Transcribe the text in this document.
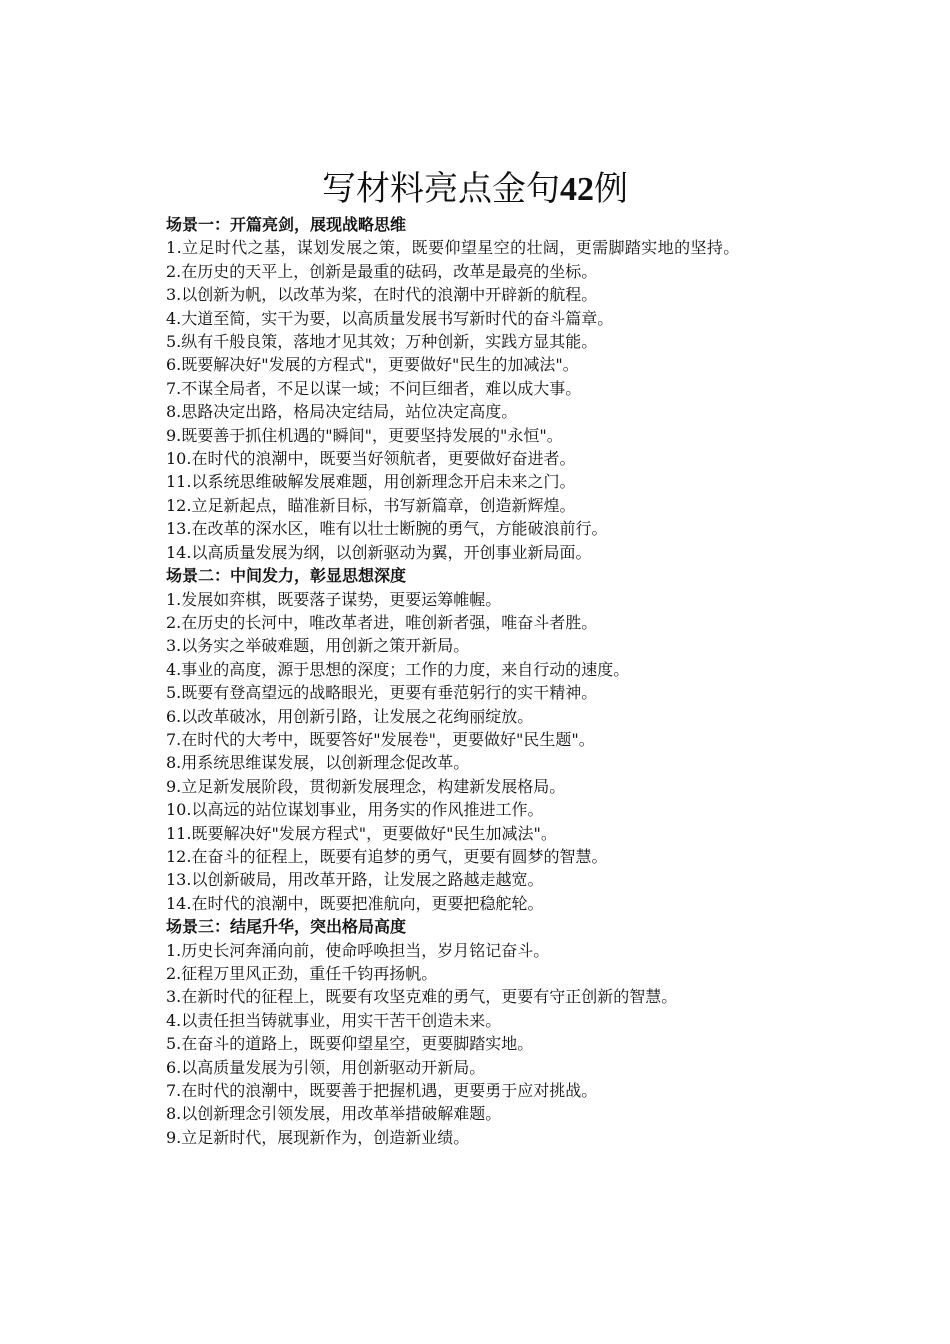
写材料亮点金句42例

场景一：开篇亮剑，展现战略思维

1.立足时代之基，谋划发展之策，既要仰望星空的壮阔，更需脚踏实地的坚持。

2.在历史的天平上，创新是最重的砝码，改革是最亮的坐标。

3.以创新为帆，以改革为桨，在时代的浪潮中开辟新的航程。

4.大道至简，实干为要，以高质量发展书写新时代的奋斗篇章。

5.纵有千般良策，落地才见其效；万种创新，实践方显其能。

6.既要解决好"发展的方程式"，更要做好"民生的加减法"。

7.不谋全局者，不足以谋一域；不问巨细者，难以成大事。

8.思路决定出路，格局决定结局，站位决定高度。

9.既要善于抓住机遇的"瞬间"，更要坚持发展的"永恒"。

10.在时代的浪潮中，既要当好领航者，更要做好奋进者。

11.以系统思维破解发展难题，用创新理念开启未来之门。

12.立足新起点，瞄准新目标，书写新篇章，创造新辉煌。

13.在改革的深水区，唯有以壮士断腕的勇气，方能破浪前行。

14.以高质量发展为纲，以创新驱动为翼，开创事业新局面。

场景二：中间发力，彰显思想深度

1.发展如弈棋，既要落子谋势，更要运筹帷幄。

2.在历史的长河中，唯改革者进，唯创新者强，唯奋斗者胜。

3.以务实之举破难题，用创新之策开新局。

4.事业的高度，源于思想的深度；工作的力度，来自行动的速度。

5.既要有登高望远的战略眼光，更要有垂范躬行的实干精神。

6.以改革破冰，用创新引路，让发展之花绚丽绽放。

7.在时代的大考中，既要答好"发展卷"，更要做好"民生题"。

8.用系统思维谋发展，以创新理念促改革。

9.立足新发展阶段，贯彻新发展理念，构建新发展格局。

10.以高远的站位谋划事业，用务实的作风推进工作。

11.既要解决好"发展方程式"，更要做好"民生加减法"。

12.在奋斗的征程上，既要有追梦的勇气，更要有圆梦的智慧。

13.以创新破局，用改革开路，让发展之路越走越宽。

14.在时代的浪潮中，既要把准航向，更要把稳舵轮。

场景三：结尾升华，突出格局高度

1.历史长河奔涌向前，使命呼唤担当，岁月铭记奋斗。

2.征程万里风正劲，重任千钧再扬帆。

3.在新时代的征程上，既要有攻坚克难的勇气，更要有守正创新的智慧。

4.以责任担当铸就事业，用实干苦干创造未来。

5.在奋斗的道路上，既要仰望星空，更要脚踏实地。

6.以高质量发展为引领，用创新驱动开新局。

7.在时代的浪潮中，既要善于把握机遇，更要勇于应对挑战。

8.以创新理念引领发展，用改革举措破解难题。

9.立足新时代，展现新作为，创造新业绩。
